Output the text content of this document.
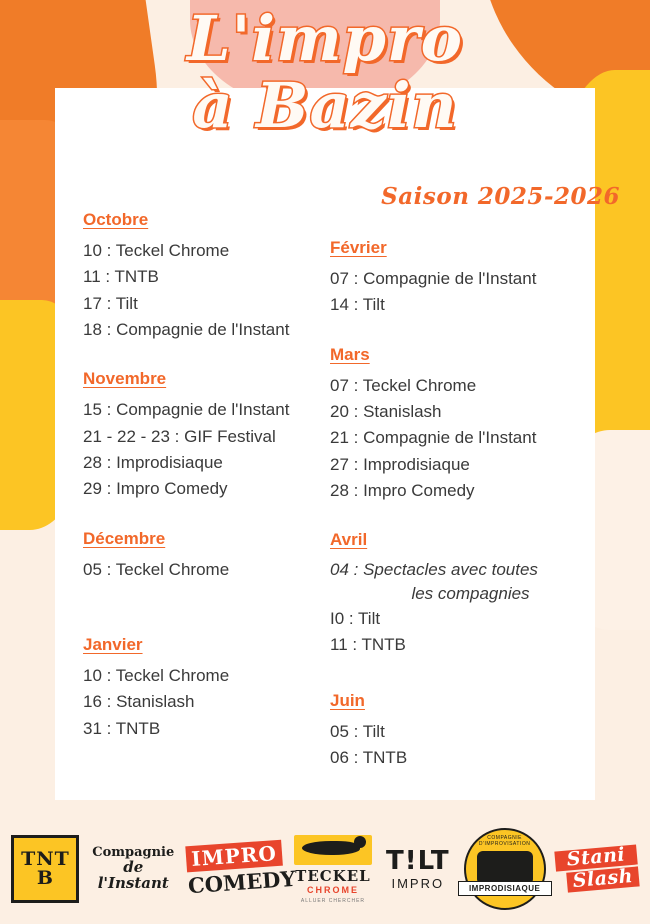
L'impro
à Bazin
Saison 2025-2026
Octobre
10 : Teckel Chrome
11 : TNTB
17 : Tilt
18 : Compagnie de l'Instant
Novembre
15 : Compagnie de l'Instant
21 - 22 - 23 : GIF Festival
28 : Improdisiaque
29 : Impro Comedy
Décembre
05 : Teckel Chrome
Janvier
10 : Teckel Chrome
16 : Stanislash
31 : TNTB
Février
07 : Compagnie de l'Instant
14 : Tilt
Mars
07 : Teckel Chrome
20 : Stanislash
21 : Compagnie de l'Instant
27 : Improdisiaque
28 : Impro Comedy
Avril
04 : Spectacles avec toutes
les compagnies
I0 : Tilt
11 : TNTB
Juin
05 : Tilt
06 : TNTB
TNT
B
Compagnie
de l'Instant
IMPRO
COMEDY
TECKEL
CHROME
ALLUER CHERCHER
T!LT
IMPRO
COMPAGNIE D'IMPROVISATION
IMPRODISIAQUE
Stani
Slash
